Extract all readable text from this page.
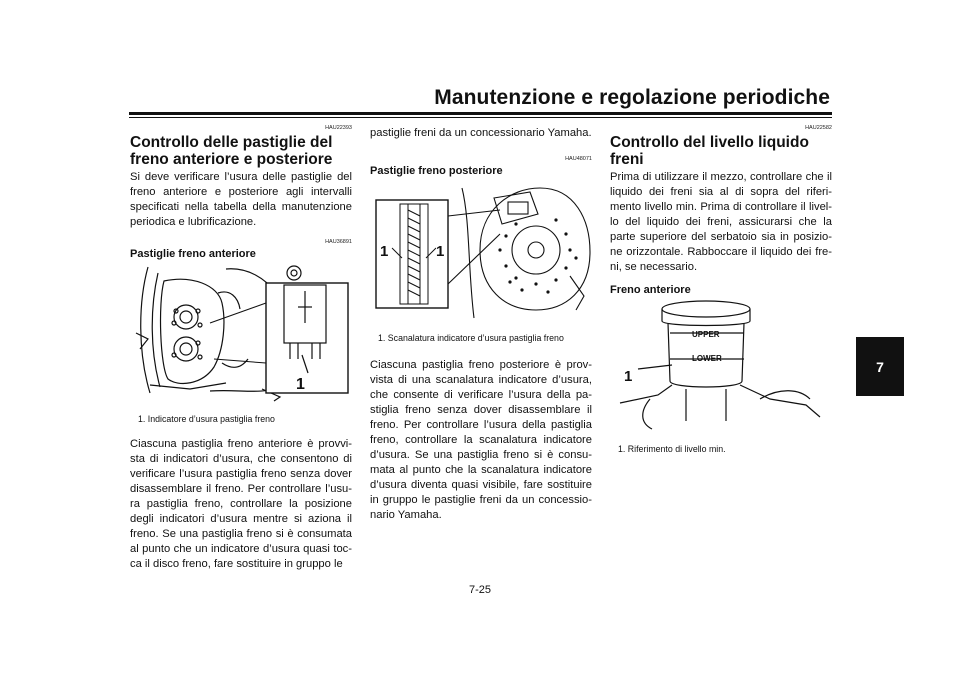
Manutenzione e regolazione periodiche
7
HAU22393
Controllo delle pastiglie del freno anteriore e posteriore

Si deve verificare l’usura delle pastiglie del freno anteriore e posteriore agli intervalli specificati nella tabella della manutenzione periodica e lubrificazione.

HAU36891
Pastiglie freno anteriore
1
1. Indicatore d’usura pastiglia freno

Ciascuna pastiglia freno anteriore è provvi-sta di indicatori d’usura, che consentono di verificare l’usura pastiglia freno senza dover disassemblare il freno. Per controllare l’usu-ra pastiglia freno, controllare la posizione degli indicatori d’usura mentre si aziona il freno. Se una pastiglia freno si è consumata al punto che un indicatore d’usura quasi toc-ca il disco freno, fare sostituire in gruppo le

pastiglie freni da un concessionario Yamaha.

HAU48071
Pastiglie freno posteriore
1	1
1. Scanalatura indicatore d’usura pastiglia freno

Ciascuna pastiglia freno posteriore è prov-vista di una scanalatura indicatore d’usura, che consente di verificare l’usura della pa-stiglia freno senza dover disassemblare il freno. Per controllare l’usura della pastiglia freno, controllare la scanalatura indicatore d’usura. Se una pastiglia freno si è consu-mata al punto che la scanalatura indicatore d’usura diventa quasi visibile, fare sostituire in gruppo le pastiglie freni da un concessio-nario Yamaha.

HAU22582
Controllo del livello liquido freni

Prima di utilizzare il mezzo, controllare che il liquido dei freni sia al di sopra del riferi-mento livello min. Prima di controllare il livel-lo del liquido dei freni, assicurarsi che la parte superiore del serbatoio sia in posizio-ne orizzontale. Rabboccare il liquido dei fre-ni, se necessario.

Freno anteriore
UPPER
LOWER
1
1. Riferimento di livello min.
7-25
